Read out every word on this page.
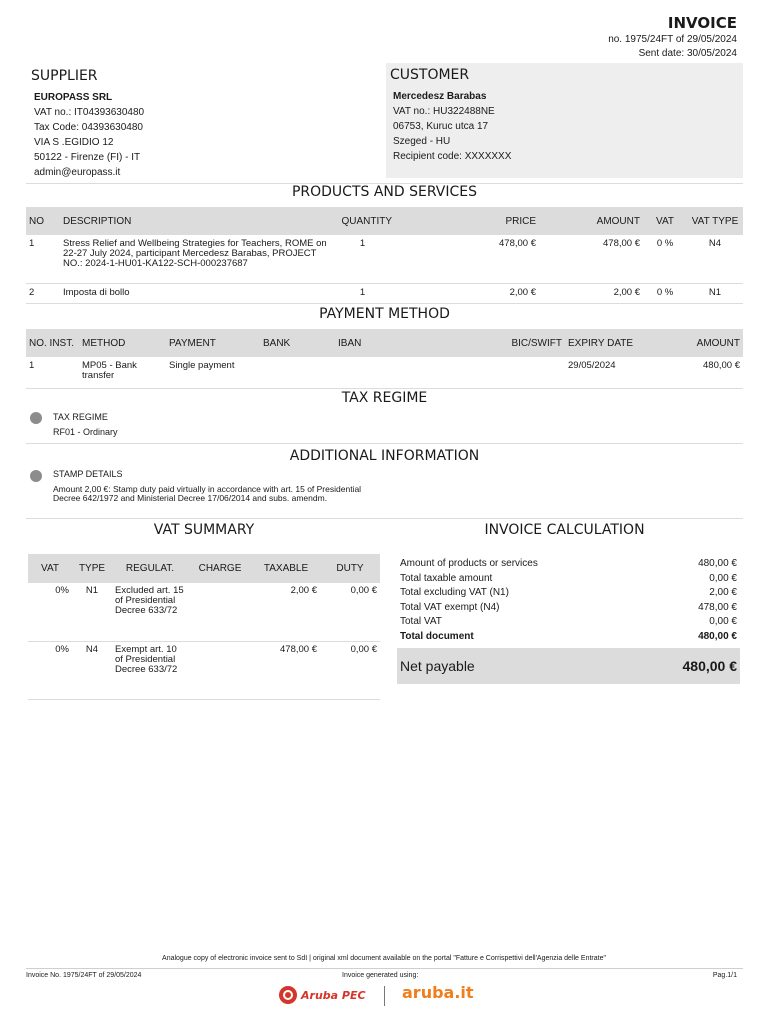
INVOICE
no. 1975/24FT of 29/05/2024
Sent date: 30/05/2024
SUPPLIER
EUROPASS SRL
VAT no.: IT04393630480
Tax Code: 04393630480
VIA S .EGIDIO 12
50122 - Firenze (FI) - IT
admin@europass.it
CUSTOMER
Mercedesz Barabas
VAT no.: HU322488NE
06753, Kuruc utca 17
Szeged - HU
Recipient code: XXXXXXX
PRODUCTS AND SERVICES
NO	DESCRIPTION	QUANTITY	PRICE	AMOUNT	VAT	VAT TYPE
1	Stress Relief and Wellbeing Strategies for Teachers, ROME on 22-27 July 2024, participant Mercedesz Barabas, PROJECT NO.: 2024-1-HU01-KA122-SCH-000237687	1	478,00 €	478,00 €	0 %	N4
2	Imposta di bollo	1	2,00 €	2,00 €	0 %	N1
PAYMENT METHOD
NO. INST.	METHOD	PAYMENT	BANK	IBAN	BIC/SWIFT	EXPIRY DATE	AMOUNT
1	MP05 - Bank transfer	Single payment				29/05/2024	480,00 €
TAX REGIME
TAX REGIME
RF01 - Ordinary
ADDITIONAL INFORMATION
STAMP DETAILS
Amount 2,00 €: Stamp duty paid virtually in accordance with art. 15 of Presidential Decree 642/1972 and Ministerial Decree 17/06/2014 and subs. amendm.
VAT SUMMARY
VAT	TYPE	REGULAT.	CHARGE	TAXABLE	DUTY
0%	N1	Excluded art. 15 of Presidential Decree 633/72		2,00 €	0,00 €
0%	N4	Exempt art. 10 of Presidential Decree 633/72		478,00 €	0,00 €
INVOICE CALCULATION
Amount of products or services	480,00 €
Total taxable amount	0,00 €
Total excluding VAT (N1)	2,00 €
Total VAT exempt (N4)	478,00 €
Total VAT	0,00 €
Total document	480,00 €
Net payable	480,00 €
Analogue copy of electronic invoice sent to SdI | original xml document available on the portal "Fatture e Corrispettivi dell'Agenzia delle Entrate"
Invoice No. 1975/24FT of 29/05/2024	Invoice generated using:	Pag.1/1
Aruba PEC aruba.it
